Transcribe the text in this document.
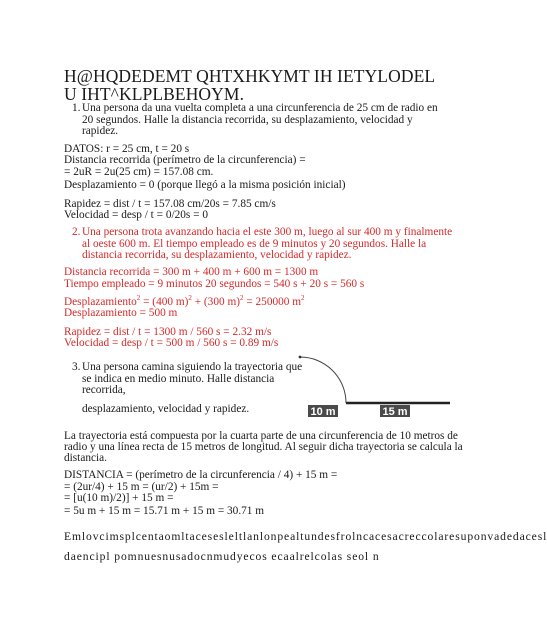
H@HQDEDEMT QHTXHKYMT IH IETYLODEL
U IHT^KLPLBEHOYM.
1. Una persona da una vuelta completa a una circunferencia de 25 cm de radio en
20 segundos. Halle la distancia recorrida, su desplazamiento, velocidad y
rapidez.
DATOS: r = 25 cm, t = 20 s
Distancia recorrida (perímetro de la circunferencia) =
= 2uR = 2u(25 cm) = 157.08 cm.
Desplazamiento = 0 (porque llegó a la misma posición inicial)
Rapidez = dist / t = 157.08 cm/20s = 7.85 cm/s
Velocidad = desp / t = 0/20s = 0
2. Una persona trota avanzando hacia el este 300 m, luego al sur 400 m y finalmente
al oeste 600 m. El tiempo empleado es de 9 minutos y 20 segundos. Halle la
distancia recorrida, su desplazamiento, velocidad y rapidez.
Distancia recorrida = 300 m + 400 m + 600 m = 1300 m
Tiempo empleado = 9 minutos 20 segundos = 540 s + 20 s = 560 s
Desplazamiento$^2$ = (400 m)$^2$ + (300 m)$^2$ = 250000 $m^2$
Desplazamiento = 500 m
Rapidez = dist / t = 1300 m / 560 s = 2.32 m/s
Velocidad = desp / t = 500 m / 560 s = 0.89 m/s
3. Una persona camina siguiendo la trayectoria que
se indica en medio minuto. Halle distancia
recorrida,
desplazamiento, velocidad y rapidez.	10 m	15 m
La trayectoria está compuesta por la cuarta parte de una circunferencia de 10 metros de
radio y una línea recta de 15 metros de longitud. Al seguir dicha trayectoria se calcula la
distancia.
DISTANCIA = (perímetro de la circunferencia / 4) + 15 m =
= (2ur/4) + 15 m = (ur/2) + 15m =
= [u(10 m)/2)] + 15 m =
= 5u m + 15 m = 15.71 m + 15 m = 30.71 m
Emlovcimsplcentaomltacesesleltlanlonpealtundesfrolncacesacreccolaresuponvadedacesl
daencipl pomnuesnusadocnmudyecos ecaalrelcolas seol n
